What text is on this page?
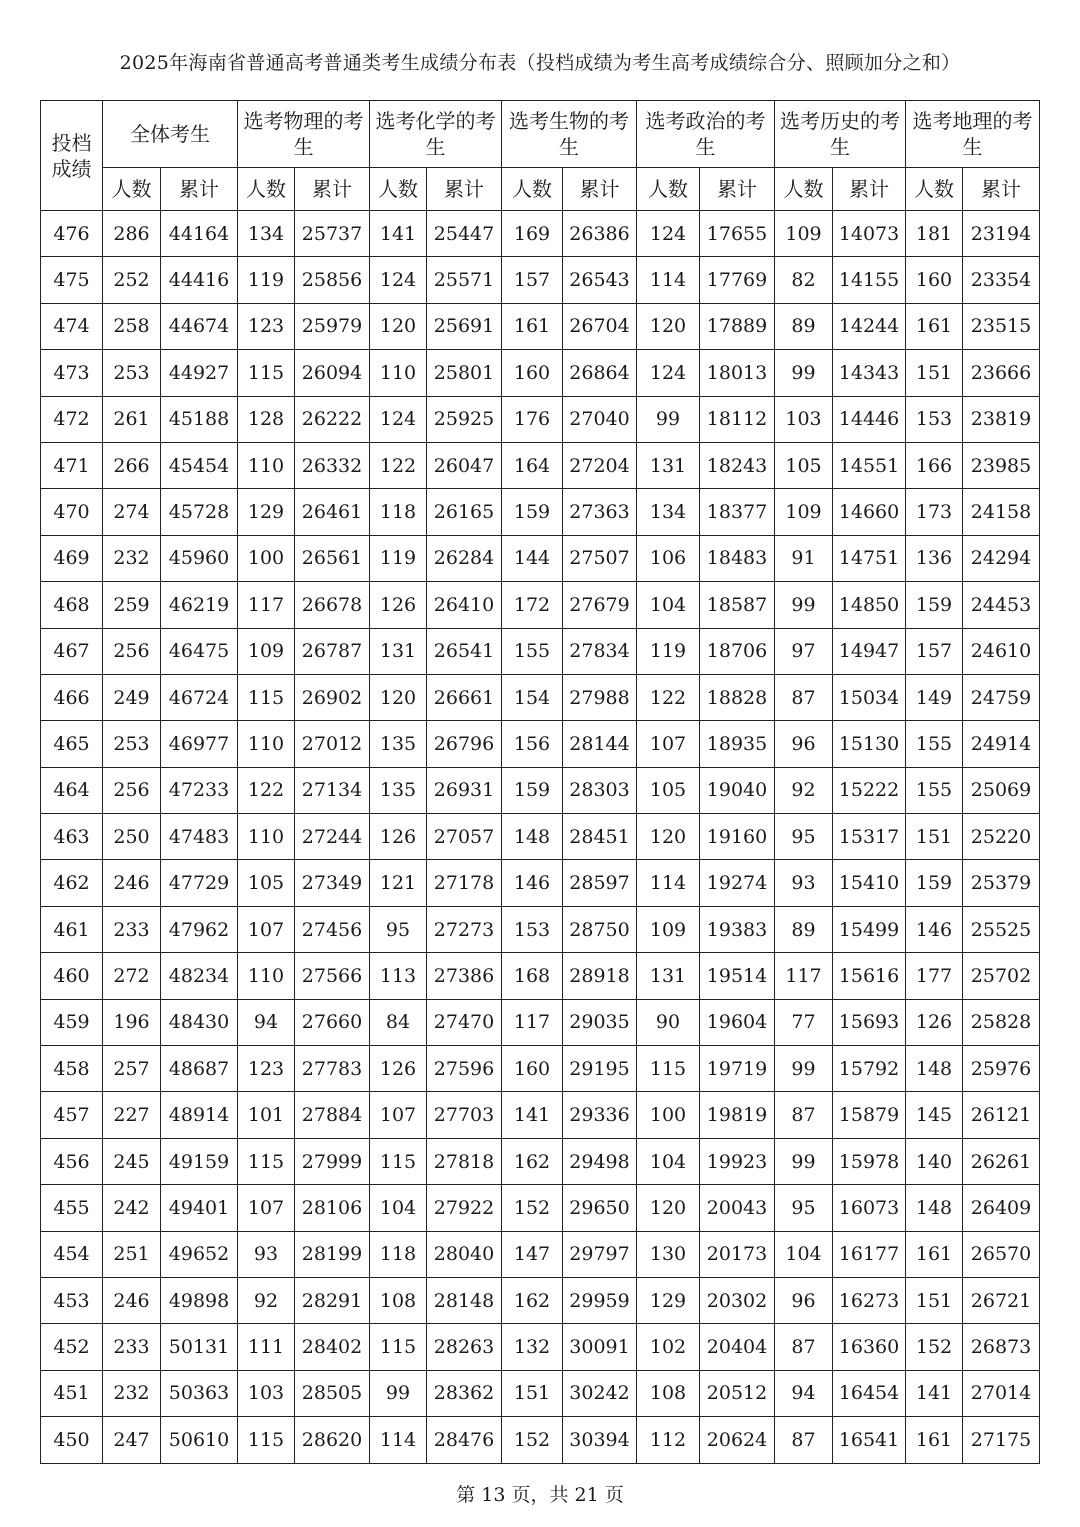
2025年海南省普通高考普通类考生成绩分布表（投档成绩为考生高考成绩综合分、照顾加分之和）
投档成绩	全体考生		选考物理的考生		选考化学的考生		选考生物的考生		选考政治的考生		选考历史的考生		选考地理的考生	
	人数	累计	人数	累计	人数	累计	人数	累计	人数	累计	人数	累计	人数	累计
476	286	44164	134	25737	141	25447	169	26386	124	17655	109	14073	181	23194
475	252	44416	119	25856	124	25571	157	26543	114	17769	82	14155	160	23354
474	258	44674	123	25979	120	25691	161	26704	120	17889	89	14244	161	23515
473	253	44927	115	26094	110	25801	160	26864	124	18013	99	14343	151	23666
472	261	45188	128	26222	124	25925	176	27040	99	18112	103	14446	153	23819
471	266	45454	110	26332	122	26047	164	27204	131	18243	105	14551	166	23985
470	274	45728	129	26461	118	26165	159	27363	134	18377	109	14660	173	24158
469	232	45960	100	26561	119	26284	144	27507	106	18483	91	14751	136	24294
468	259	46219	117	26678	126	26410	172	27679	104	18587	99	14850	159	24453
467	256	46475	109	26787	131	26541	155	27834	119	18706	97	14947	157	24610
466	249	46724	115	26902	120	26661	154	27988	122	18828	87	15034	149	24759
465	253	46977	110	27012	135	26796	156	28144	107	18935	96	15130	155	24914
464	256	47233	122	27134	135	26931	159	28303	105	19040	92	15222	155	25069
463	250	47483	110	27244	126	27057	148	28451	120	19160	95	15317	151	25220
462	246	47729	105	27349	121	27178	146	28597	114	19274	93	15410	159	25379
461	233	47962	107	27456	95	27273	153	28750	109	19383	89	15499	146	25525
460	272	48234	110	27566	113	27386	168	28918	131	19514	117	15616	177	25702
459	196	48430	94	27660	84	27470	117	29035	90	19604	77	15693	126	25828
458	257	48687	123	27783	126	27596	160	29195	115	19719	99	15792	148	25976
457	227	48914	101	27884	107	27703	141	29336	100	19819	87	15879	145	26121
456	245	49159	115	27999	115	27818	162	29498	104	19923	99	15978	140	26261
455	242	49401	107	28106	104	27922	152	29650	120	20043	95	16073	148	26409
454	251	49652	93	28199	118	28040	147	29797	130	20173	104	16177	161	26570
453	246	49898	92	28291	108	28148	162	29959	129	20302	96	16273	151	26721
452	233	50131	111	28402	115	28263	132	30091	102	20404	87	16360	152	26873
451	232	50363	103	28505	99	28362	151	30242	108	20512	94	16454	141	27014
450	247	50610	115	28620	114	28476	152	30394	112	20624	87	16541	161	27175
第 13 页，共 21 页
